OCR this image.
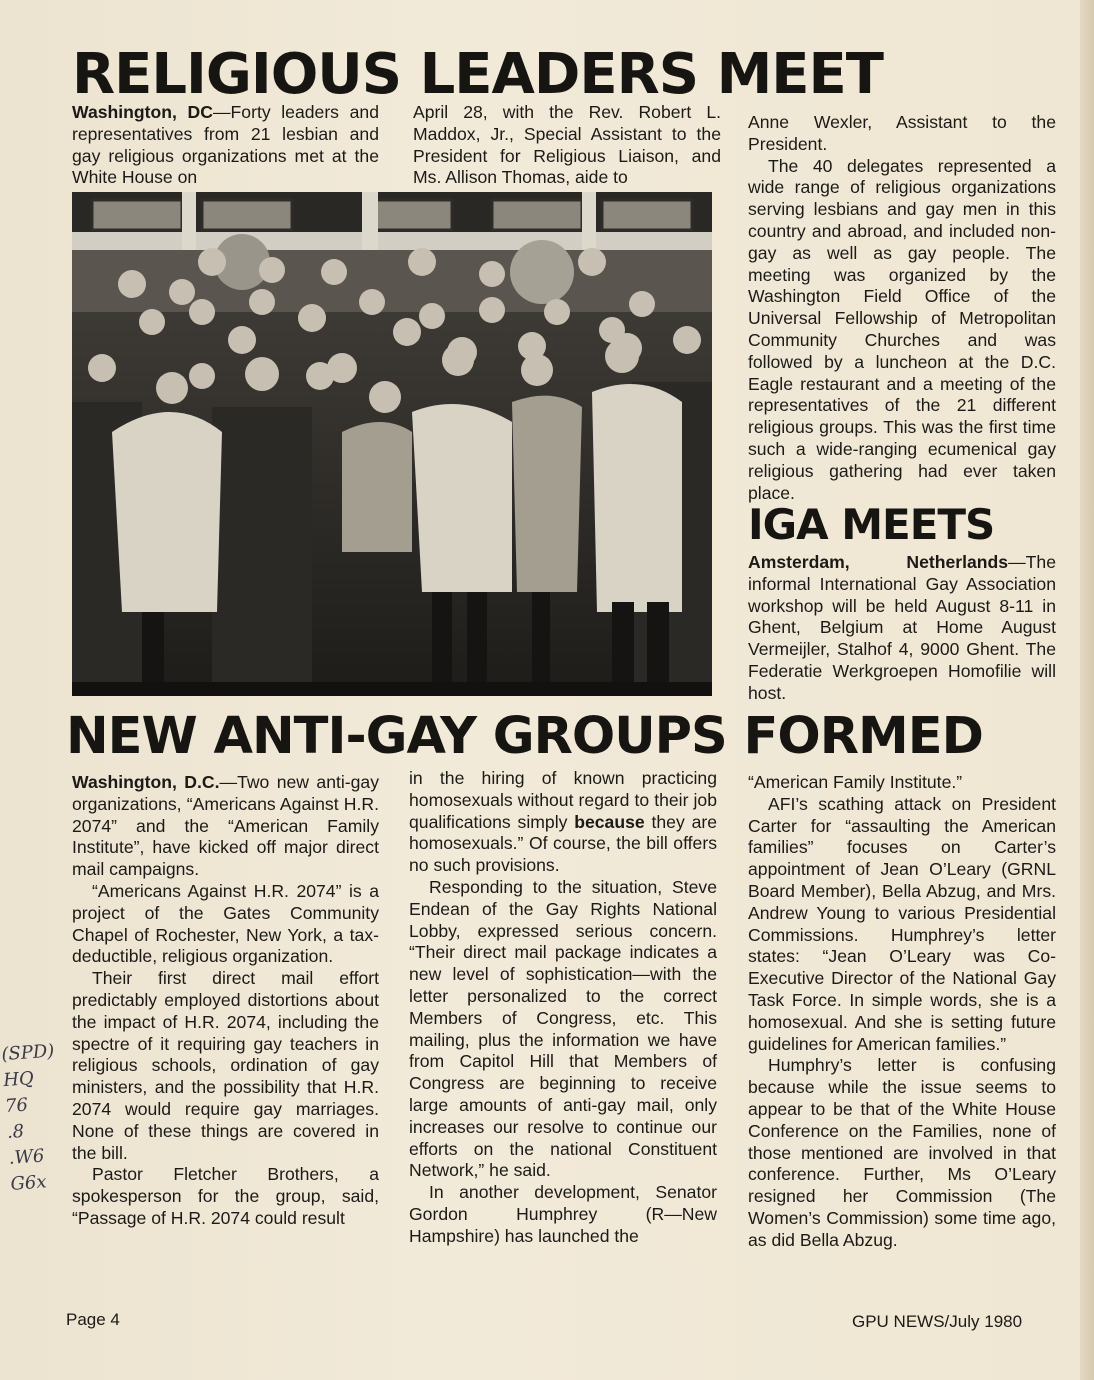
RELIGIOUS LEADERS MEET

Washington, DC—Forty leaders and representatives from 21 lesbian and gay religious organizations met at the White House on

April 28, with the Rev. Robert L. Maddox, Jr., Special Assistant to the President for Religious Liaison, and Ms. Allison Thomas, aide to

Anne Wexler, Assistant to the President.

The 40 delegates represented a wide range of religious organizations serving lesbians and gay men in this country and abroad, and included non-gay as well as gay people. The meeting was organized by the Washington Field Office of the Universal Fellowship of Metropolitan Community Churches and was followed by a luncheon at the D.C. Eagle restaurant and a meeting of the representatives of the 21 different religious groups. This was the first time such a wide-ranging ecumenical gay religious gathering had ever taken place.

IGA MEETS

Amsterdam, Netherlands—The informal International Gay Association workshop will be held August 8-11 in Ghent, Belgium at Home August Vermeijler, Stalhof 4, 9000 Ghent. The Federatie Werkgroepen Homofilie will host.

NEW ANTI-GAY GROUPS FORMED

Washington, D.C.—Two new anti-gay organizations, “Americans Against H.R. 2074” and the “American Family Institute”, have kicked off major direct mail campaigns.

“Americans Against H.R. 2074” is a project of the Gates Community Chapel of Rochester, New York, a tax-deductible, religious organization.

Their first direct mail effort predictably employed distortions about the impact of H.R. 2074, including the spectre of it requiring gay teachers in religious schools, ordination of gay ministers, and the possibility that H.R. 2074 would require gay marriages. None of these things are covered in the bill.

Pastor Fletcher Brothers, a spokesperson for the group, said, “Passage of H.R. 2074 could result

in the hiring of known practicing homosexuals without regard to their job qualifications simply because they are homosexuals.” Of course, the bill offers no such provisions.

Responding to the situation, Steve Endean of the Gay Rights National Lobby, expressed serious concern. “Their direct mail package indicates a new level of sophistication—with the letter personalized to the correct Members of Congress, etc. This mailing, plus the information we have from Capitol Hill that Members of Congress are beginning to receive large amounts of anti-gay mail, only increases our resolve to continue our efforts on the national Constituent Network,” he said.

In another development, Senator Gordon Humphrey (R—New Hampshire) has launched the

“American Family Institute.”

AFI’s scathing attack on President Carter for “assaulting the American families” focuses on Carter’s appointment of Jean O’Leary (GRNL Board Member), Bella Abzug, and Mrs. Andrew Young to various Presidential Commissions. Humphrey’s letter states: “Jean O’Leary was Co-Executive Director of the National Gay Task Force. In simple words, she is a homosexual. And she is setting future guidelines for American families.”

Humphry’s letter is confusing because while the issue seems to appear to be that of the White House Conference on the Families, none of those mentioned are involved in that conference. Further, Ms O’Leary resigned her Commission (The Women’s Commission) some time ago, as did Bella Abzug.

(SPD)
HQ
76
.8
.W6
G6x
Page 4	GPU NEWS/July 1980
